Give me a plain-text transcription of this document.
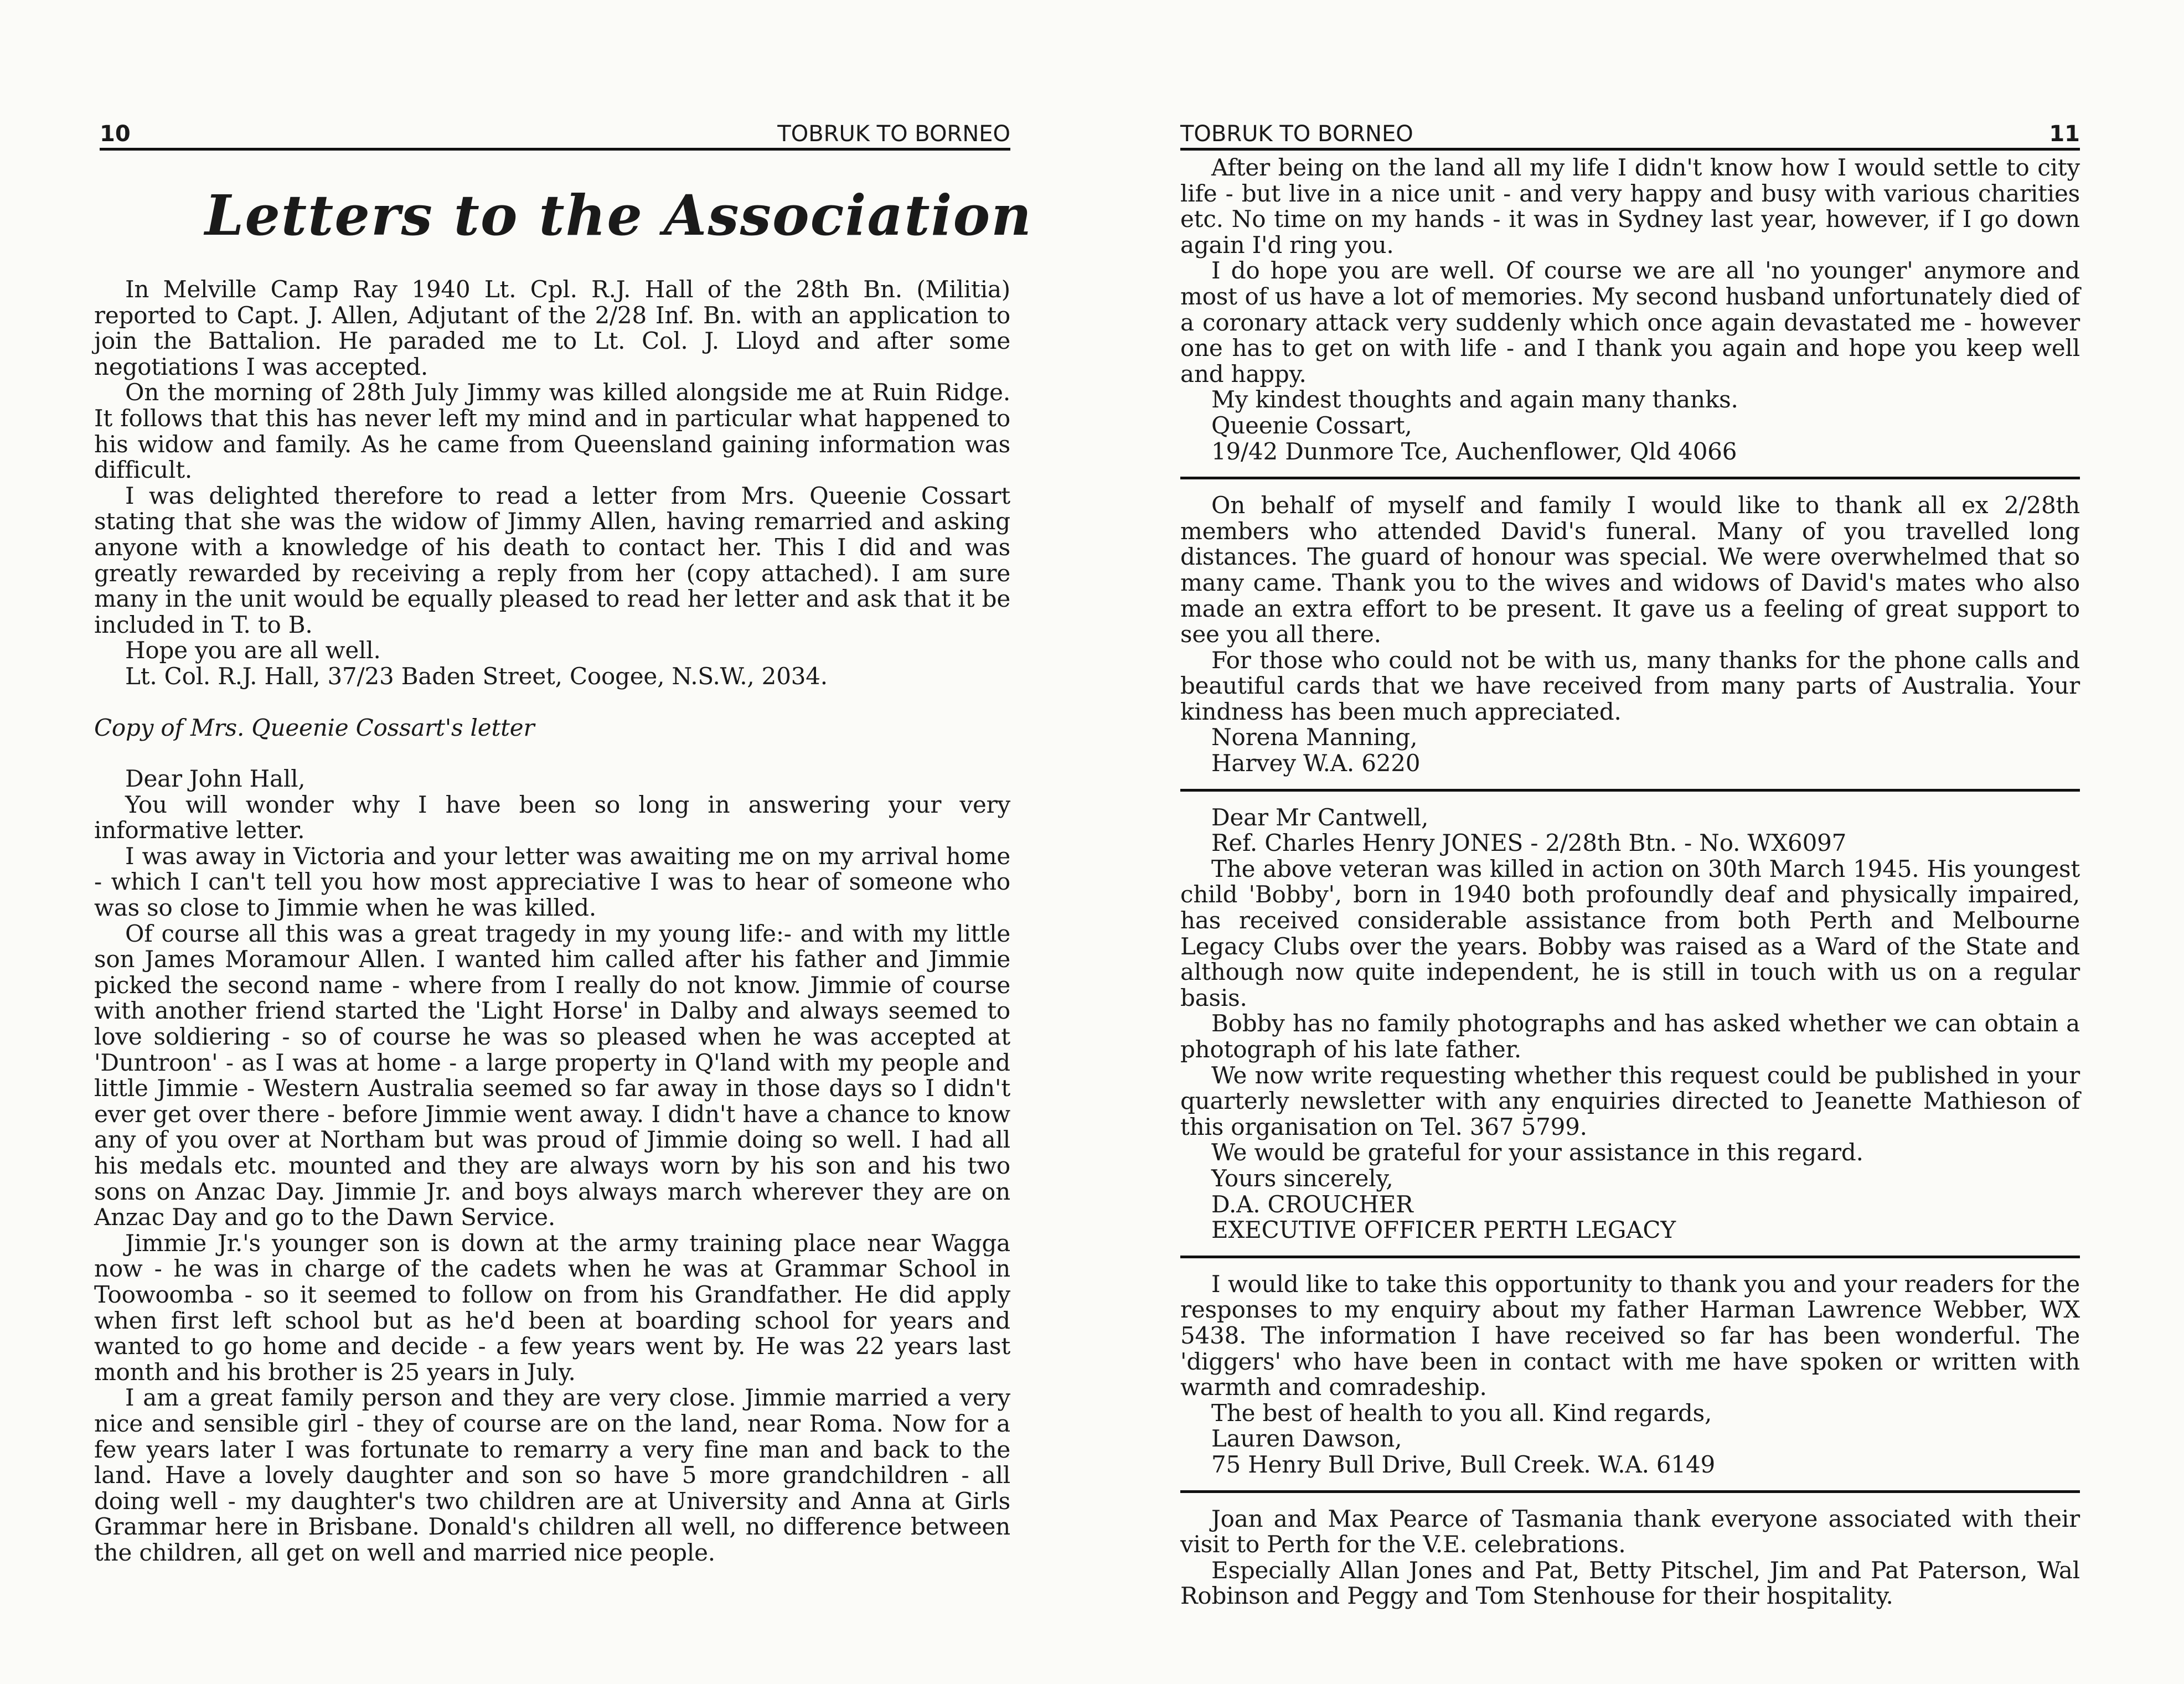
10	TOBRUK TO BORNEO
Letters to the Association

In Melville Camp Ray 1940 Lt. Cpl. R.J. Hall of the 28th Bn. (Militia) reported to Capt. J. Allen, Adjutant of the 2/28 Inf. Bn. with an application to join the Battalion. He paraded me to Lt. Col. J. Lloyd and after some negotiations I was accepted.

On the morning of 28th July Jimmy was killed alongside me at Ruin Ridge. It follows that this has never left my mind and in particular what happened to his widow and family. As he came from Queensland gaining information was difficult.

I was delighted therefore to read a letter from Mrs. Queenie Cossart stating that she was the widow of Jimmy Allen, having remarried and asking anyone with a knowledge of his death to contact her. This I did and was greatly rewarded by receiving a reply from her (copy attached). I am sure many in the unit would be equally pleased to read her letter and ask that it be included in T. to B.

Hope you are all well.

Lt. Col. R.J. Hall, 37/23 Baden Street, Coogee, N.S.W., 2034.

Copy of Mrs. Queenie Cossart's letter

Dear John Hall,

You will wonder why I have been so long in answering your very informative letter.

I was away in Victoria and your letter was awaiting me on my arrival home - which I can't tell you how most appreciative I was to hear of someone who was so close to Jimmie when he was killed.

Of course all this was a great tragedy in my young life:- and with my little son James Moramour Allen. I wanted him called after his father and Jimmie picked the second name - where from I really do not know. Jimmie of course with another friend started the 'Light Horse' in Dalby and always seemed to love soldiering - so of course he was so pleased when he was accepted at 'Duntroon' - as I was at home - a large property in Q'land with my people and little Jimmie - Western Australia seemed so far away in those days so I didn't ever get over there - before Jimmie went away. I didn't have a chance to know any of you over at Northam but was proud of Jimmie doing so well. I had all his medals etc. mounted and they are always worn by his son and his two sons on Anzac Day. Jimmie Jr. and boys always march wherever they are on Anzac Day and go to the Dawn Service.

Jimmie Jr.'s younger son is down at the army training place near Wagga now - he was in charge of the cadets when he was at Grammar School in Toowoomba - so it seemed to follow on from his Grandfather. He did apply when first left school but as he'd been at boarding school for years and wanted to go home and decide - a few years went by. He was 22 years last month and his brother is 25 years in July.

I am a great family person and they are very close. Jimmie married a very nice and sensible girl - they of course are on the land, near Roma. Now for a few years later I was fortunate to remarry a very fine man and back to the land. Have a lovely daughter and son so have 5 more grandchildren - all doing well - my daughter's two children are at University and Anna at Girls Grammar here in Brisbane. Donald's children all well, no difference between the children, all get on well and married nice people.

TOBRUK TO BORNEO	11

After being on the land all my life I didn't know how I would settle to city life - but live in a nice unit - and very happy and busy with various charities etc. No time on my hands - it was in Sydney last year, however, if I go down again I'd ring you.

I do hope you are well. Of course we are all 'no younger' anymore and most of us have a lot of memories. My second husband unfortunately died of a coronary attack very suddenly which once again devastated me - however one has to get on with life - and I thank you again and hope you keep well and happy.

My kindest thoughts and again many thanks.
Queenie Cossart,
19/42 Dunmore Tce, Auchenflower, Qld 4066

On behalf of myself and family I would like to thank all ex 2/28th members who attended David's funeral. Many of you travelled long distances. The guard of honour was special. We were overwhelmed that so many came. Thank you to the wives and widows of David's mates who also made an extra effort to be present. It gave us a feeling of great support to see you all there.

For those who could not be with us, many thanks for the phone calls and beautiful cards that we have received from many parts of Australia. Your kindness has been much appreciated.

Norena Manning,
Harvey W.A. 6220
Dear Mr Cantwell,
Ref. Charles Henry JONES - 2/28th Btn. - No. WX6097

The above veteran was killed in action on 30th March 1945. His youngest child 'Bobby', born in 1940 both profoundly deaf and physically impaired, has received considerable assistance from both Perth and Melbourne Legacy Clubs over the years. Bobby was raised as a Ward of the State and although now quite independent, he is still in touch with us on a regular basis.

Bobby has no family photographs and has asked whether we can obtain a photograph of his late father.

We now write requesting whether this request could be published in your quarterly newsletter with any enquiries directed to Jeanette Mathieson of this organisation on Tel. 367 5799.

We would be grateful for your assistance in this regard.

Yours sincerely,
D.A. CROUCHER
EXECUTIVE OFFICER PERTH LEGACY

I would like to take this opportunity to thank you and your readers for the responses to my enquiry about my father Harman Lawrence Webber, WX 5438. The information I have received so far has been wonderful. The 'diggers' who have been in contact with me have spoken or written with warmth and comradeship.

The best of health to you all. Kind regards,

Lauren Dawson,
75 Henry Bull Drive, Bull Creek. W.A. 6149

Joan and Max Pearce of Tasmania thank everyone associated with their visit to Perth for the V.E. celebrations.

Especially Allan Jones and Pat, Betty Pitschel, Jim and Pat Paterson, Wal Robinson and Peggy and Tom Stenhouse for their hospitality.
